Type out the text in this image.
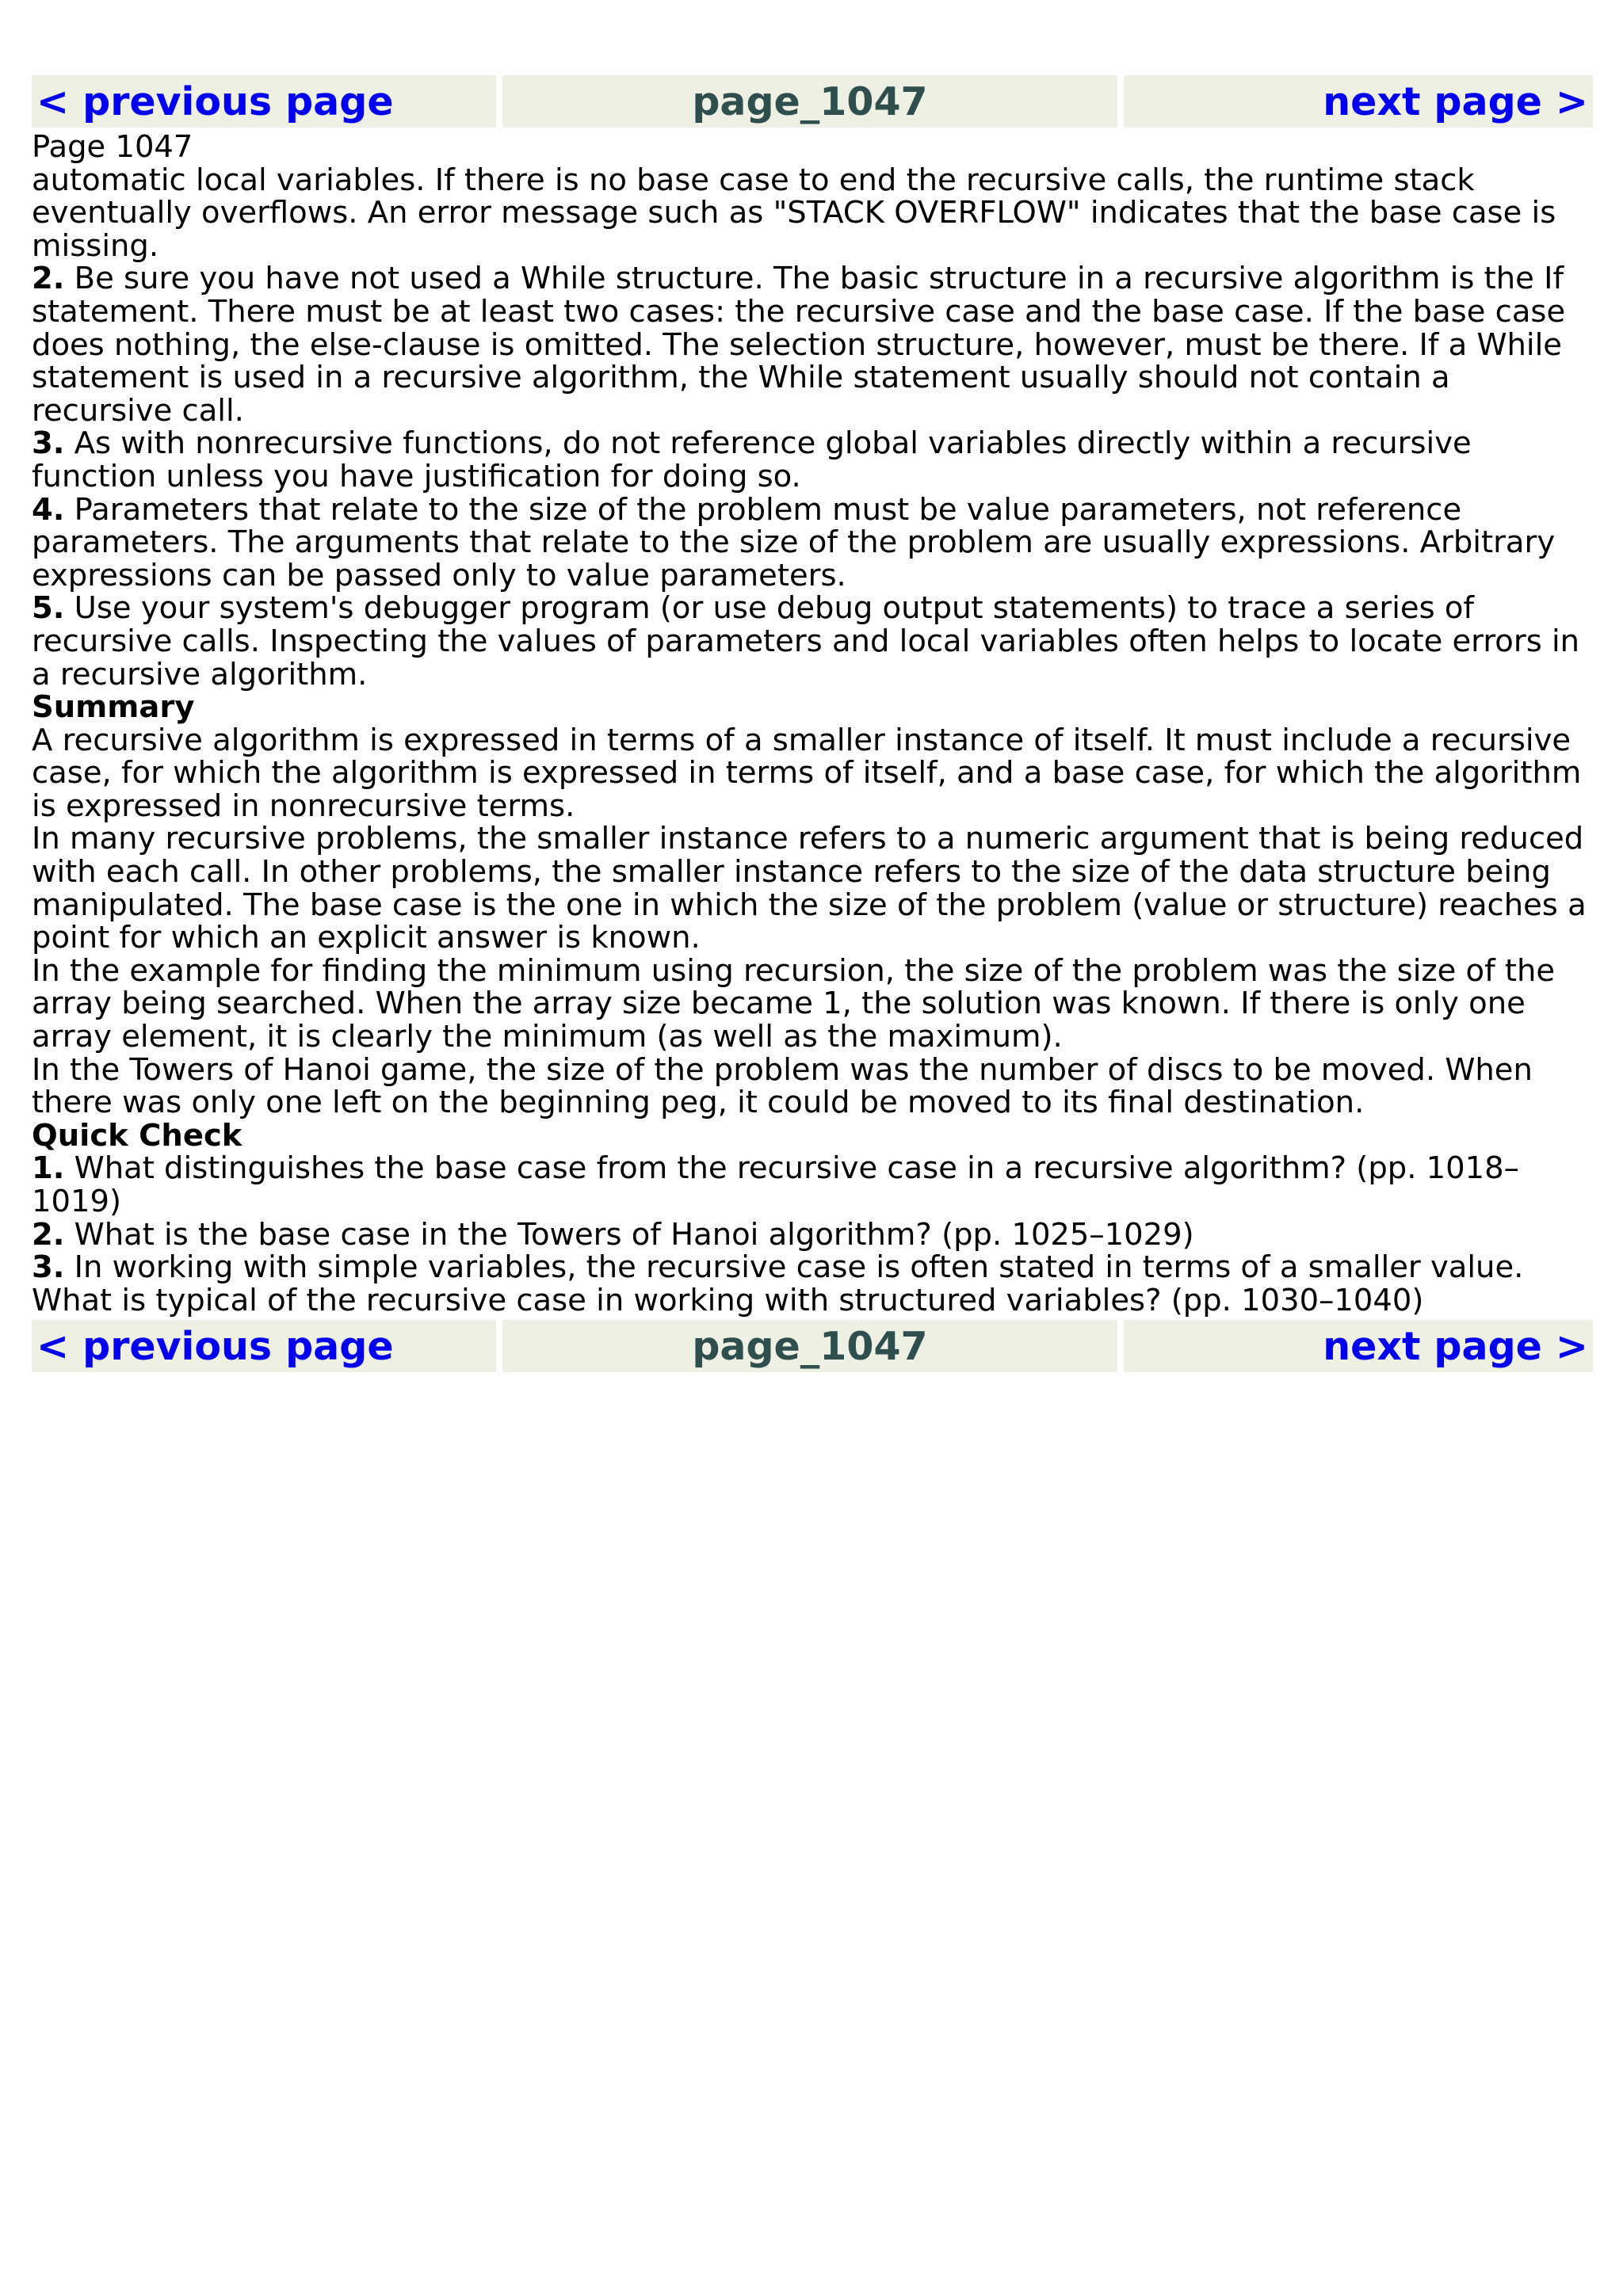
< previous page	page_1047	next page >

Page 1047

automatic local variables. If there is no base case to end the recursive calls, the runtime stack eventually overflows. An error message such as "STACK OVERFLOW" indicates that the base case is missing.

2. Be sure you have not used a While structure. The basic structure in a recursive algorithm is the If statement. There must be at least two cases: the recursive case and the base case. If the base case does nothing, the else-clause is omitted. The selection structure, however, must be there. If a While statement is used in a recursive algorithm, the While statement usually should not contain a recursive call.

3. As with nonrecursive functions, do not reference global variables directly within a recursive function unless you have justification for doing so.

4. Parameters that relate to the size of the problem must be value parameters, not reference parameters. The arguments that relate to the size of the problem are usually expressions. Arbitrary expressions can be passed only to value parameters.

5. Use your system's debugger program (or use debug output statements) to trace a series of recursive calls. Inspecting the values of parameters and local variables often helps to locate errors in a recursive algorithm.

Summary

A recursive algorithm is expressed in terms of a smaller instance of itself. It must include a recursive case, for which the algorithm is expressed in terms of itself, and a base case, for which the algorithm is expressed in nonrecursive terms.

In many recursive problems, the smaller instance refers to a numeric argument that is being reduced with each call. In other problems, the smaller instance refers to the size of the data structure being manipulated. The base case is the one in which the size of the problem (value or structure) reaches a point for which an explicit answer is known.

In the example for finding the minimum using recursion, the size of the problem was the size of the array being searched. When the array size became 1, the solution was known. If there is only one array element, it is clearly the minimum (as well as the maximum).

In the Towers of Hanoi game, the size of the problem was the number of discs to be moved. When there was only one left on the beginning peg, it could be moved to its final destination.

Quick Check

1. What distinguishes the base case from the recursive case in a recursive algorithm? (pp. 1018–1019)

2. What is the base case in the Towers of Hanoi algorithm? (pp. 1025–1029)

3. In working with simple variables, the recursive case is often stated in terms of a smaller value. What is typical of the recursive case in working with structured variables? (pp. 1030–1040)

< previous page	page_1047	next page >
